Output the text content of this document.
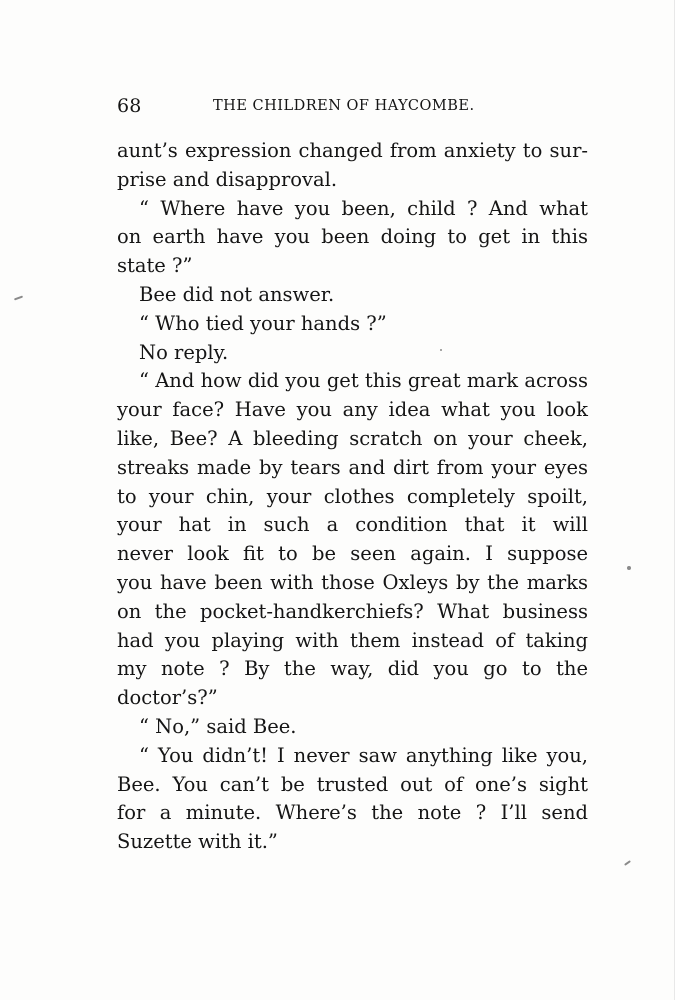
68	THE CHILDREN OF HAYCOMBE.
aunt’s expression changed from anxiety to sur-
prise and disapproval.
“ Where have you been, child ? And what
on earth have you been doing to get in this
state ?”
Bee did not answer.
“ Who tied your hands ?”
No reply.
“ And how did you get this great mark across
your face? Have you any idea what you look
like, Bee? A bleeding scratch on your cheek,
streaks made by tears and dirt from your eyes
to your chin, your clothes completely spoilt,
your hat in such a condition that it will
never look fit to be seen again. I suppose
you have been with those Oxleys by the marks
on the pocket-handkerchiefs? What business
had you playing with them instead of taking
my note ? By the way, did you go to the
doctor’s?”
“ No,” said Bee.
“ You didn’t! I never saw anything like you,
Bee. You can’t be trusted out of one’s sight
for a minute. Where’s the note ? I’ll send
Suzette with it.”
